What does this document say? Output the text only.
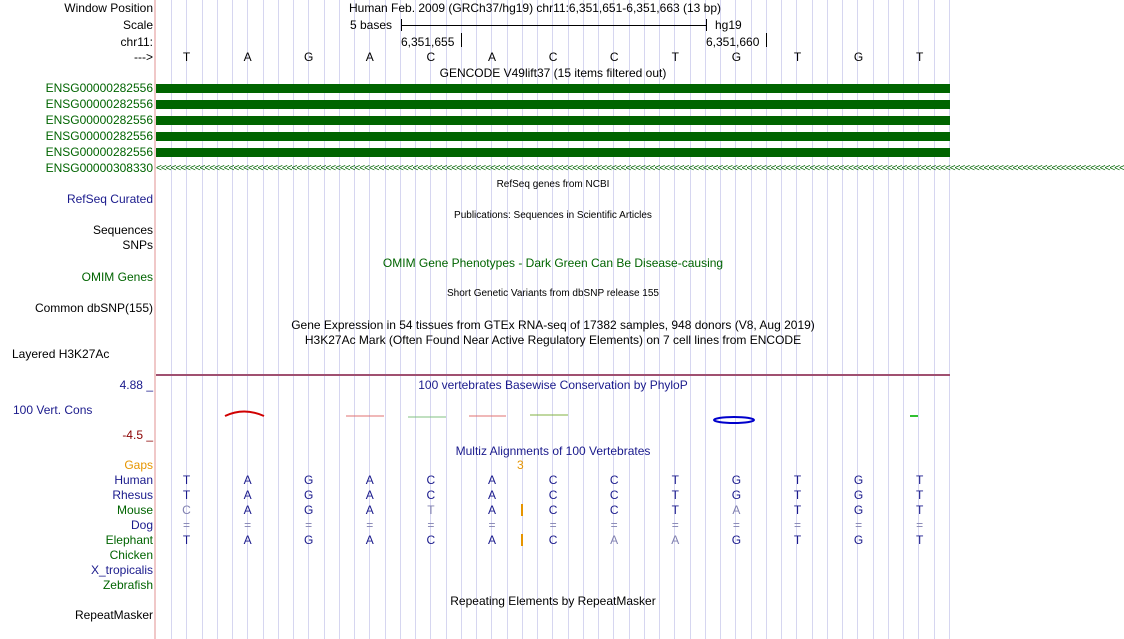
Window Position	Human Feb. 2009 (GRCh37/hg19) chr11:6,351,651-6,351,663 (13 bp)
Scale	5 bases	hg19
chr11:	6,351,655	6,351,660
--->	T	A	G	A	C	A	C	C	T	G	T	G	T
GENCODE V49lift37 (15 items filtered out)
ENSG00000282556
ENSG00000282556
ENSG00000282556
ENSG00000282556
ENSG00000282556
ENSG00000308330 <<<<<<<<<<<<<<<<<<<<<<<<<<<<<<<<<<<<<<<<<<<<<<<<<<<<<<<<<<<<<<<<<<<<<<<<<<<<<<<<<<<<<<<<<<<<<<<<<<<<<<<<<<<<<<<<<<<<<<<<<<<<<<<<<<<<<<<<<<<<<<<<<<<<<<<<<<<<<<<<<<<<<<<<<<<<<<<<<<<<<<<<<<<<<<<<<<<<<<<<
RefSeq genes from NCBI
RefSeq Curated
Publications: Sequences in Scientific Articles
Sequences
SNPs
OMIM Gene Phenotypes - Dark Green Can Be Disease-causing
OMIM Genes
Short Genetic Variants from dbSNP release 155
Common dbSNP(155)
Gene Expression in 54 tissues from GTEx RNA-seq of 17382 samples, 948 donors (V8, Aug 2019)
H3K27Ac Mark (Often Found Near Active Regulatory Elements) on 7 cell lines from ENCODE
Layered H3K27Ac
4.88 _	100 vertebrates Basewise Conservation by PhyloP
100 Vert. Cons
-4.5 _
Multiz Alignments of 100 Vertebrates
Gaps	3
Human	T	A	G	A	C	A	C	C	T	G	T	G	T
Rhesus	T	A	G	A	C	A	C	C	T	G	T	G	T
Mouse	C	A	G	A	T	A	C	C	T	A	T	G	T
Dog	=	=	=	=	=	=	=	=	=	=	=	=	=
Elephant	T	A	G	A	C	A	C	A	A	G	T	G	T
Chicken
X_tropicalis
Zebrafish
Repeating Elements by RepeatMasker
RepeatMasker
